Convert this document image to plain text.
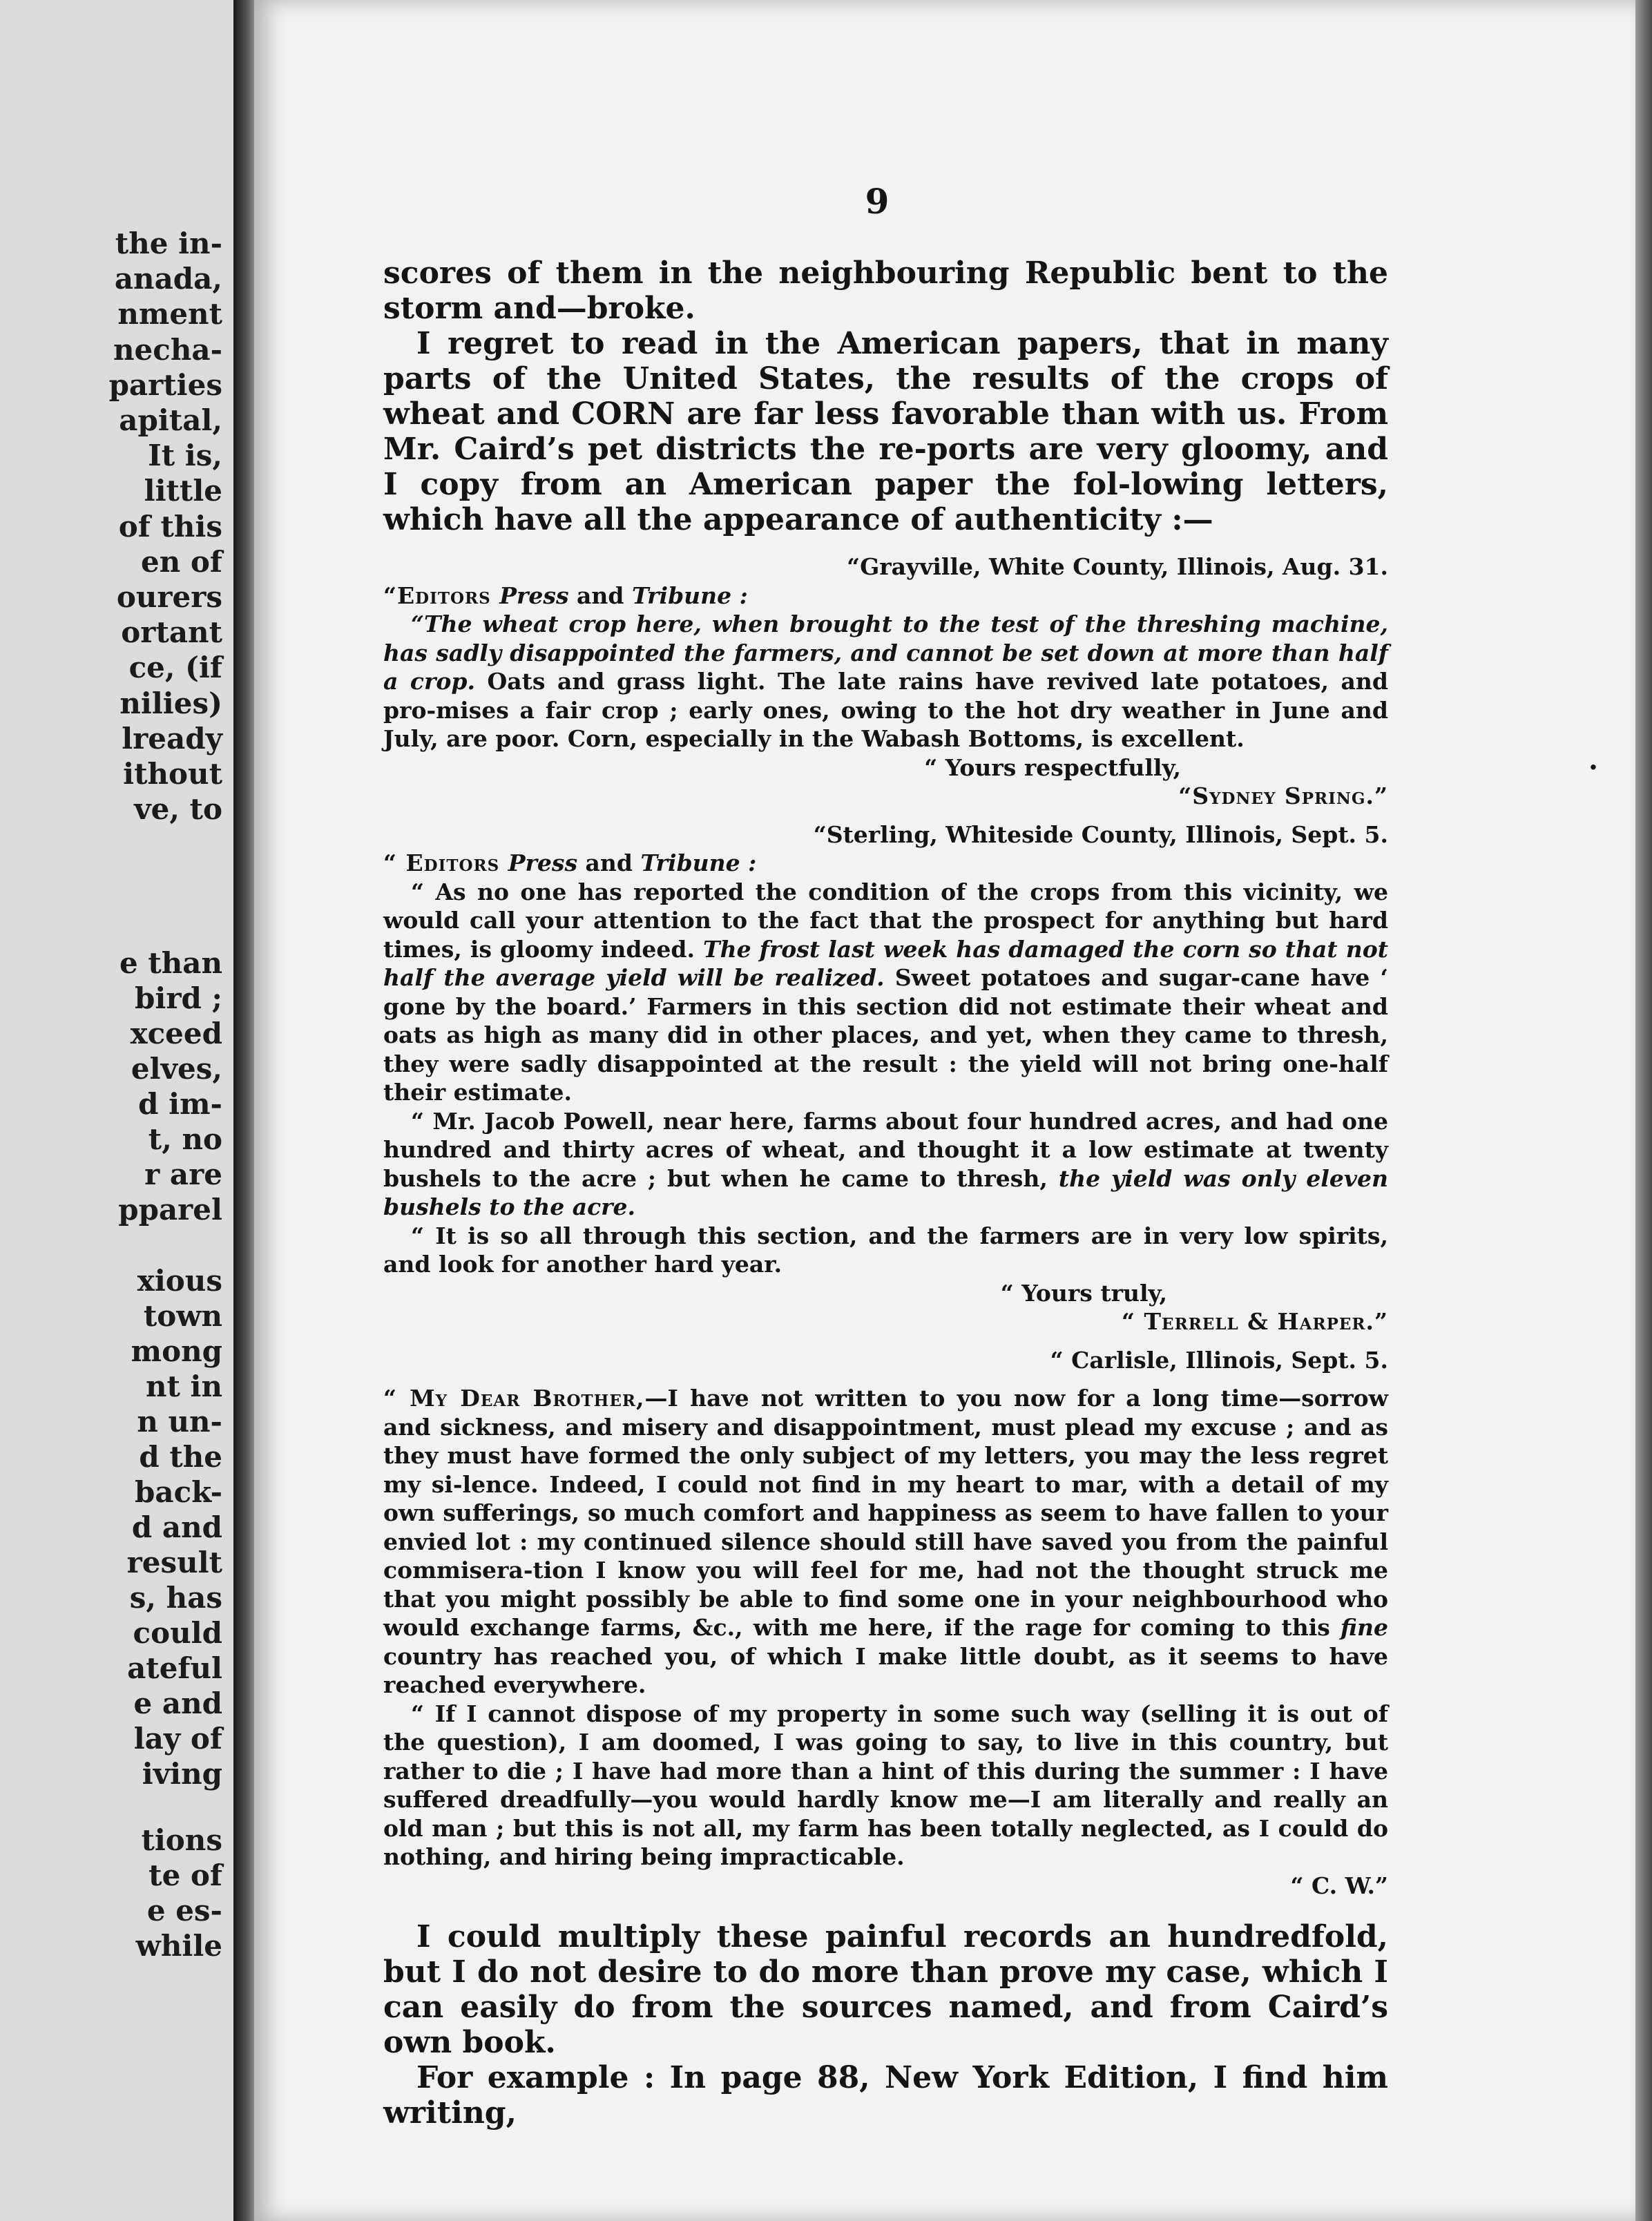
the in-
anada,
nment
necha-
parties
apital,
It is,
little
of this
en of
ourers
ortant
ce, (if
nilies)
lready
ithout
ve, to
e than
bird ;
xceed
elves,
d im-
t, no
r are
pparel
xious
town
mong
nt in
n un-
d the
back-
d and
result
s, has
could
ateful
e and
lay of
iving
tions
te of
e es-
while
9

scores of them in the neighbouring Republic bent to the storm and—broke.

I regret to read in the American papers, that in many parts of the United States, the results of the crops of wheat and CORN are far less favorable than with us. From Mr. Caird’s pet districts the re-ports are very gloomy, and I copy from an American paper the fol-lowing letters, which have all the appearance of authenticity :—

“Grayville, White County, Illinois, Aug. 31.

“Editors Press and Tribune :

“The wheat crop here, when brought to the test of the threshing machine, has sadly disappointed the farmers, and cannot be set down at more than half a crop. Oats and grass light. The late rains have revived late potatoes, and pro-mises a fair crop ; early ones, owing to the hot dry weather in June and July, are poor. Corn, especially in the Wabash Bottoms, is excellent.

“ Yours respectfully,

“Sydney Spring.”

“Sterling, Whiteside County, Illinois, Sept. 5.

“ Editors Press and Tribune :

“ As no one has reported the condition of the crops from this vicinity, we would call your attention to the fact that the prospect for anything but hard times, is gloomy indeed. The frost last week has damaged the corn so that not half the average yield will be realized. Sweet potatoes and sugar-cane have ‘ gone by the board.’ Farmers in this section did not estimate their wheat and oats as high as many did in other places, and yet, when they came to thresh, they were sadly disappointed at the result : the yield will not bring one-half their estimate.

“ Mr. Jacob Powell, near here, farms about four hundred acres, and had one hundred and thirty acres of wheat, and thought it a low estimate at twenty bushels to the acre ; but when he came to thresh, the yield was only eleven bushels to the acre.

“ It is so all through this section, and the farmers are in very low spirits, and look for another hard year.

“ Yours truly,

“ Terrell & Harper.”

“ Carlisle, Illinois, Sept. 5.

“ My Dear Brother,—I have not written to you now for a long time—sorrow and sickness, and misery and disappointment, must plead my excuse ; and as they must have formed the only subject of my letters, you may the less regret my si-lence. Indeed, I could not find in my heart to mar, with a detail of my own sufferings, so much comfort and happiness as seem to have fallen to your envied lot : my continued silence should still have saved you from the painful commisera-tion I know you will feel for me, had not the thought struck me that you might possibly be able to find some one in your neighbourhood who would exchange farms, &c., with me here, if the rage for coming to this fine country has reached you, of which I make little doubt, as it seems to have reached everywhere.

“ If I cannot dispose of my property in some such way (selling it is out of the question), I am doomed, I was going to say, to live in this country, but rather to die ; I have had more than a hint of this during the summer : I have suffered dreadfully—you would hardly know me—I am literally and really an old man ; but this is not all, my farm has been totally neglected, as I could do nothing, and hiring being impracticable.

“ C. W.”

I could multiply these painful records an hundredfold, but I do not desire to do more than prove my case, which I can easily do from the sources named, and from Caird’s own book.

For example : In page 88, New York Edition, I find him writing,

·
